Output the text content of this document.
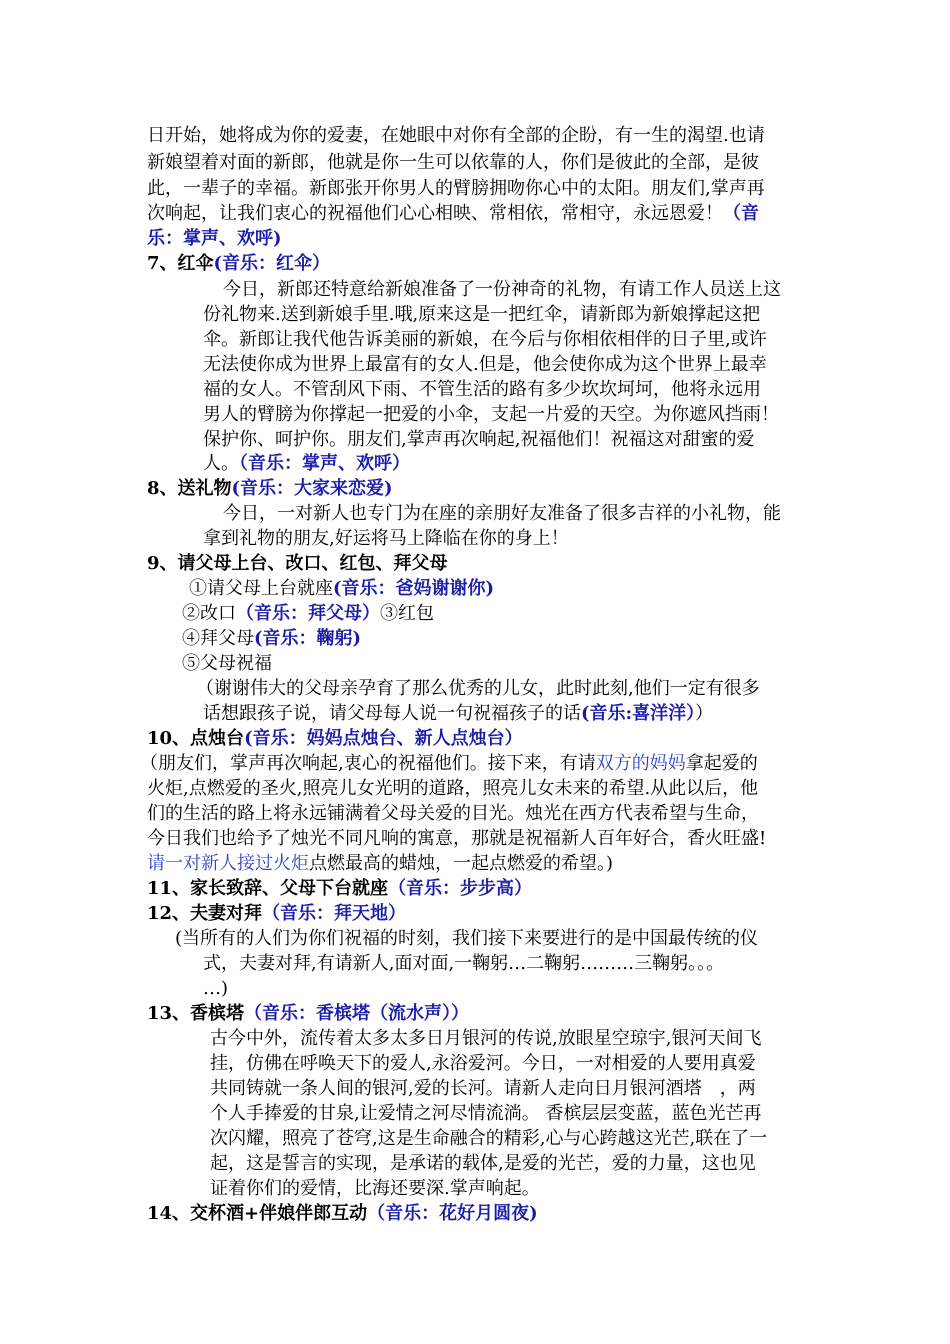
日开始，她将成为你的爱妻，在她眼中对你有全部的企盼，有一生的渴望.也请
新娘望着对面的新郎，他就是你一生可以依靠的人，你们是彼此的全部，是彼
此，一辈子的幸福。新郎张开你男人的臂膀拥吻你心中的太阳。朋友们,掌声再
次响起，让我们衷心的祝福他们心心相映、常相依，常相守，永远恩爱！（音
乐：掌声、欢呼)
7、红伞(音乐：红伞）
今日，新郎还特意给新娘准备了一份神奇的礼物，有请工作人员送上这
份礼物来.送到新娘手里.哦,原来这是一把红伞，请新郎为新娘撑起这把
伞。新郎让我代他告诉美丽的新娘，在今后与你相依相伴的日子里,或许
无法使你成为世界上最富有的女人.但是，他会使你成为这个世界上最幸
福的女人。不管刮风下雨、不管生活的路有多少坎坎坷坷，他将永远用
男人的臂膀为你撑起一把爱的小伞，支起一片爱的天空。为你遮风挡雨！
保护你、呵护你。朋友们,掌声再次响起,祝福他们！祝福这对甜蜜的爱
人。（音乐：掌声、欢呼）
8、送礼物(音乐：大家来恋爱)
今日，一对新人也专门为在座的亲朋好友准备了很多吉祥的小礼物，能
拿到礼物的朋友,好运将马上降临在你的身上！
9、请父母上台、改口、红包、拜父母
①请父母上台就座(音乐：爸妈谢谢你)
②改口（音乐：拜父母）③红包
④拜父母(音乐：鞠躬)
⑤父母祝福
（谢谢伟大的父母亲孕育了那么优秀的儿女，此时此刻,他们一定有很多
话想跟孩子说，请父母每人说一句祝福孩子的话(音乐:喜洋洋））
10、点烛台(音乐：妈妈点烛台、新人点烛台）
（朋友们，掌声再次响起,衷心的祝福他们。接下来，有请双方的妈妈拿起爱的
火炬,点燃爱的圣火,照亮儿女光明的道路，照亮儿女未来的希望.从此以后，他
们的生活的路上将永远铺满着父母关爱的目光。烛光在西方代表希望与生命，
今日我们也给予了烛光不同凡响的寓意，那就是祝福新人百年好合，香火旺盛!
请一对新人接过火炬点燃最高的蜡烛，一起点燃爱的希望。)
11、家长致辞、父母下台就座（音乐：步步高）
12、夫妻对拜（音乐：拜天地）
(当所有的人们为你们祝福的时刻，我们接下来要进行的是中国最传统的仪
式，夫妻对拜,有请新人,面对面,一鞠躬…二鞠躬………三鞠躬。。。
…)
13、香槟塔（音乐：香槟塔（流水声））
古今中外，流传着太多太多日月银河的传说,放眼星空琼宇,银河天间飞
挂，仿佛在呼唤天下的爱人,永浴爱河。今日，一对相爱的人要用真爱
共同铸就一条人间的银河,爱的长河。请新人走向日月银河酒塔　，两
个人手捧爱的甘泉,让爱情之河尽情流淌。 香槟层层变蓝，蓝色光芒再
次闪耀，照亮了苍穹,这是生命融合的精彩,心与心跨越这光芒,联在了一
起，这是誓言的实现，是承诺的载体,是爱的光芒，爱的力量，这也见
证着你们的爱情，比海还要深.掌声响起。
14、交杯酒+伴娘伴郎互动（音乐：花好月圆夜)
